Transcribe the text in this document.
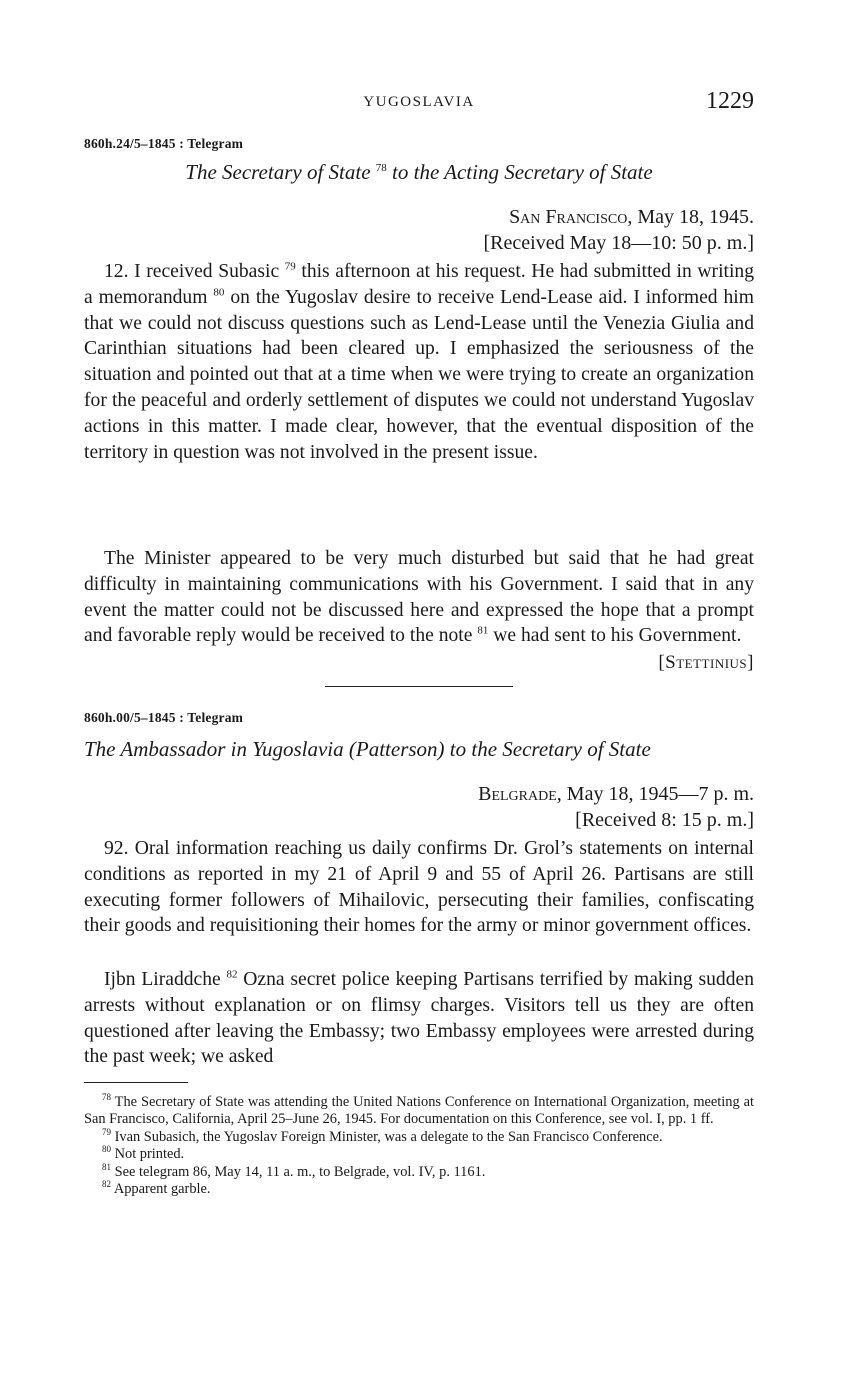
YUGOSLAVIA	1229
860h.24/5–1845 : Telegram
The Secretary of State $^{78}$ to the Acting Secretary of State
San Francisco, May 18, 1945.
[Received May 18—10: 50 p. m.]

12. I received Subasic $^{79}$ this afternoon at his request. He had submitted in writing a memorandum $^{80}$ on the Yugoslav desire to receive Lend-Lease aid. I informed him that we could not discuss questions such as Lend-Lease until the Venezia Giulia and Carinthian situations had been cleared up. I emphasized the seriousness of the situation and pointed out that at a time when we were trying to create an organization for the peaceful and orderly settlement of disputes we could not understand Yugoslav actions in this matter. I made clear, however, that the eventual disposition of the territory in question was not involved in the present issue.

The Minister appeared to be very much disturbed but said that he had great difficulty in maintaining communications with his Government. I said that in any event the matter could not be discussed here and expressed the hope that a prompt and favorable reply would be received to the note $^{81}$ we had sent to his Government.

[Stettinius]
860h.00/5–1845 : Telegram
The Ambassador in Yugoslavia (Patterson) to the Secretary of State
Belgrade, May 18, 1945—7 p. m.
[Received 8: 15 p. m.]

92. Oral information reaching us daily confirms Dr. Grol’s statements on internal conditions as reported in my 21 of April 9 and 55 of April 26. Partisans are still executing former followers of Mihailovic, persecuting their families, confiscating their goods and requisitioning their homes for the army or minor government offices.

Ijbn Liraddche $^{82}$ Ozna secret police keeping Partisans terrified by making sudden arrests without explanation or on flimsy charges. Visitors tell us they are often questioned after leaving the Embassy; two Embassy employees were arrested during the past week; we asked

$^{78}$ The Secretary of State was attending the United Nations Conference on International Organization, meeting at San Francisco, California, April 25–June 26, 1945. For documentation on this Conference, see vol. I, pp. 1 ff.

$^{79}$ Ivan Subasich, the Yugoslav Foreign Minister, was a delegate to the San Francisco Conference.

$^{80}$ Not printed.

$^{81}$ See telegram 86, May 14, 11 a. m., to Belgrade, vol. IV, p. 1161.

$^{82}$ Apparent garble.
